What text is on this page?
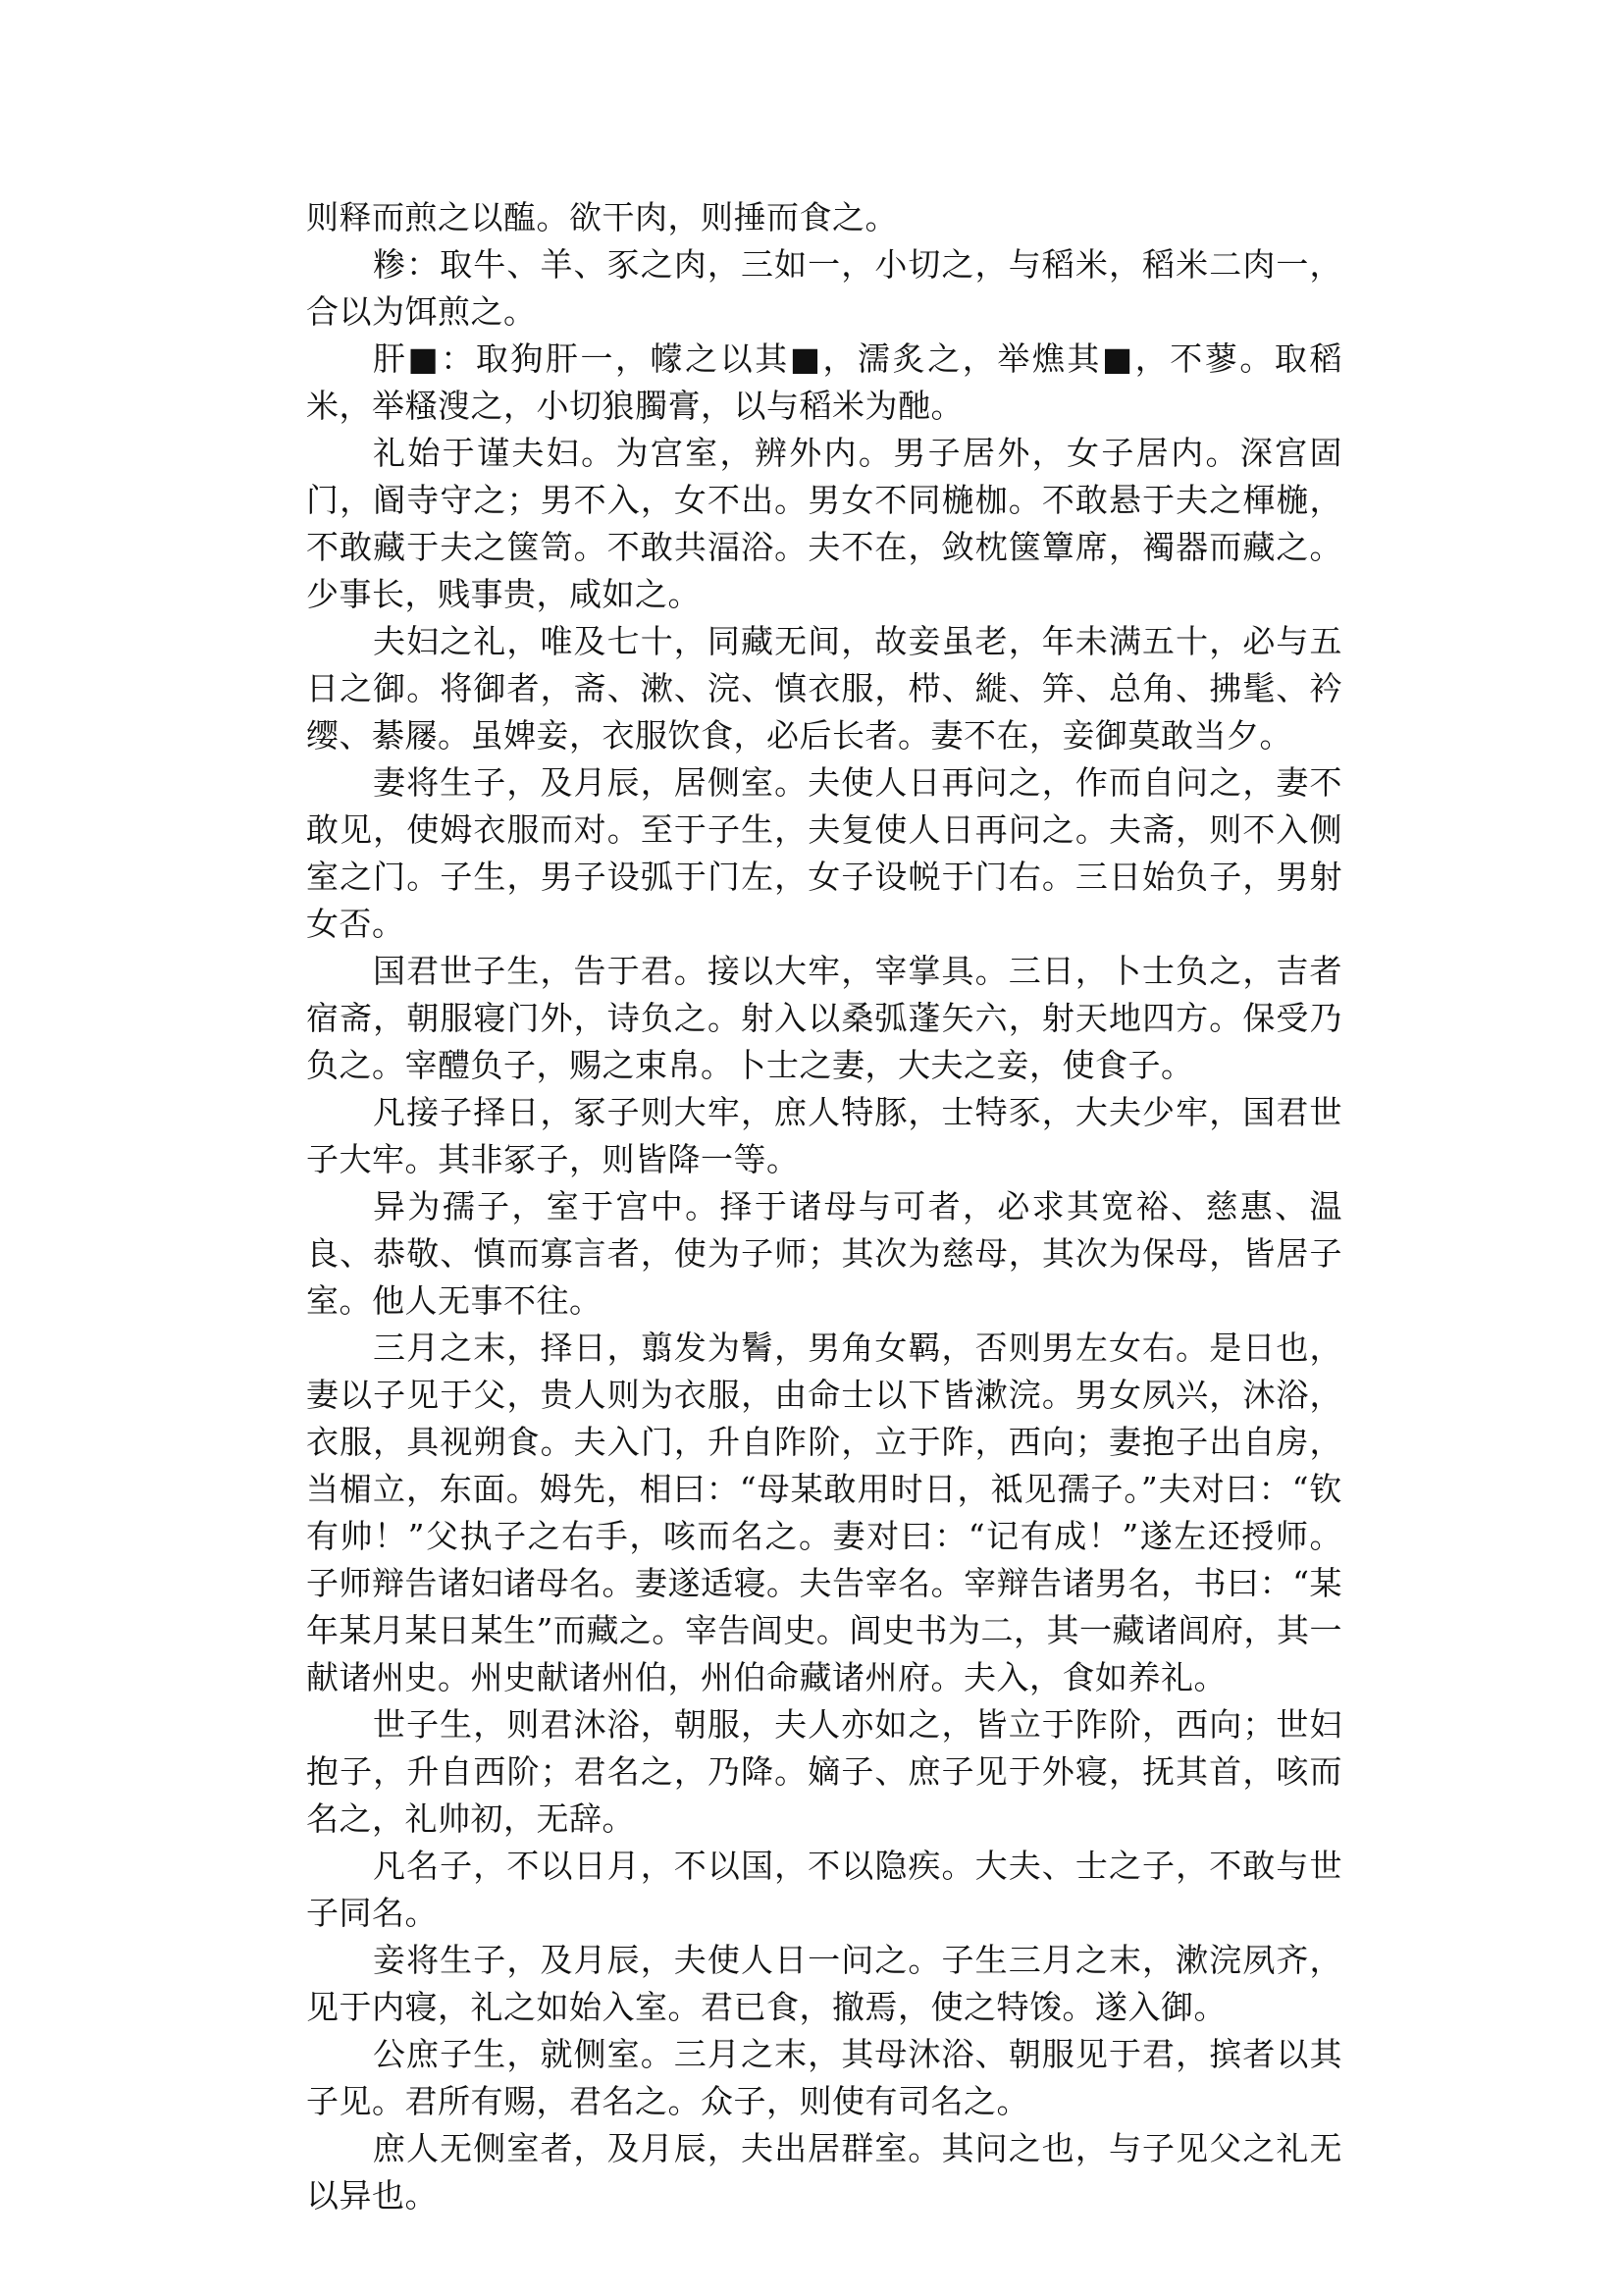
则释而煎之以醢。欲干肉，则捶而食之。

糁：取牛、羊、豕之肉，三如一，小切之，与稻米，稻米二肉一，合以为饵煎之。

肝■：取狗肝一，幪之以其■，濡炙之，举燋其■，不蓼。取稻米，举糔溲之，小切狼臅膏，以与稻米为酏。

礼始于谨夫妇。为宫室，辨外内。男子居外，女子居内。深宫固门，阍寺守之；男不入，女不出。男女不同椸枷。不敢悬于夫之楎椸，不敢藏于夫之箧笥。不敢共湢浴。夫不在，敛枕箧簟席，襡器而藏之。少事长，贱事贵，咸如之。

夫妇之礼，唯及七十，同藏无间，故妾虽老，年未满五十，必与五日之御。将御者，斋、漱、浣、慎衣服，栉、縰、笄、总角、拂髦、衿缨、綦屦。虽婢妾，衣服饮食，必后长者。妻不在，妾御莫敢当夕。

妻将生子，及月辰，居侧室。夫使人日再问之，作而自问之，妻不敢见，使姆衣服而对。至于子生，夫复使人日再问之。夫斋，则不入侧室之门。子生，男子设弧于门左，女子设帨于门右。三日始负子，男射女否。

国君世子生，告于君。接以大牢，宰掌具。三日，卜士负之，吉者宿斋，朝服寝门外，诗负之。射入以桑弧蓬矢六，射天地四方。保受乃负之。宰醴负子，赐之束帛。卜士之妻，大夫之妾，使食子。

凡接子择日，冢子则大牢，庶人特豚，士特豕，大夫少牢，国君世子大牢。其非冢子，则皆降一等。

异为孺子，室于宫中。择于诸母与可者，必求其宽裕、慈惠、温良、恭敬、慎而寡言者，使为子师；其次为慈母，其次为保母，皆居子室。他人无事不往。

三月之末，择日，翦发为鬌，男角女羁，否则男左女右。是日也，妻以子见于父，贵人则为衣服，由命士以下皆漱浣。男女夙兴，沐浴，衣服，具视朔食。夫入门，升自阼阶，立于阼，西向；妻抱子出自房，当楣立，东面。姆先，相曰：“母某敢用时日，祗见孺子。”夫对曰：“钦有帅！”父执子之右手，咳而名之。妻对曰：“记有成！”遂左还授师。子师辩告诸妇诸母名。妻遂适寝。夫告宰名。宰辩告诸男名，书曰：“某年某月某日某生”而藏之。宰告闾史。闾史书为二，其一藏诸闾府，其一献诸州史。州史献诸州伯，州伯命藏诸州府。夫入，食如养礼。

世子生，则君沐浴，朝服，夫人亦如之，皆立于阼阶，西向；世妇抱子，升自西阶；君名之，乃降。嫡子、庶子见于外寝，抚其首，咳而名之，礼帅初，无辞。

凡名子，不以日月，不以国，不以隐疾。大夫、士之子，不敢与世子同名。

妾将生子，及月辰，夫使人日一问之。子生三月之末，漱浣夙齐，见于内寝，礼之如始入室。君已食，撤焉，使之特馂。遂入御。

公庶子生，就侧室。三月之末，其母沐浴、朝服见于君，摈者以其子见。君所有赐，君名之。众子，则使有司名之。

庶人无侧室者，及月辰，夫出居群室。其问之也，与子见父之礼无以异也。
